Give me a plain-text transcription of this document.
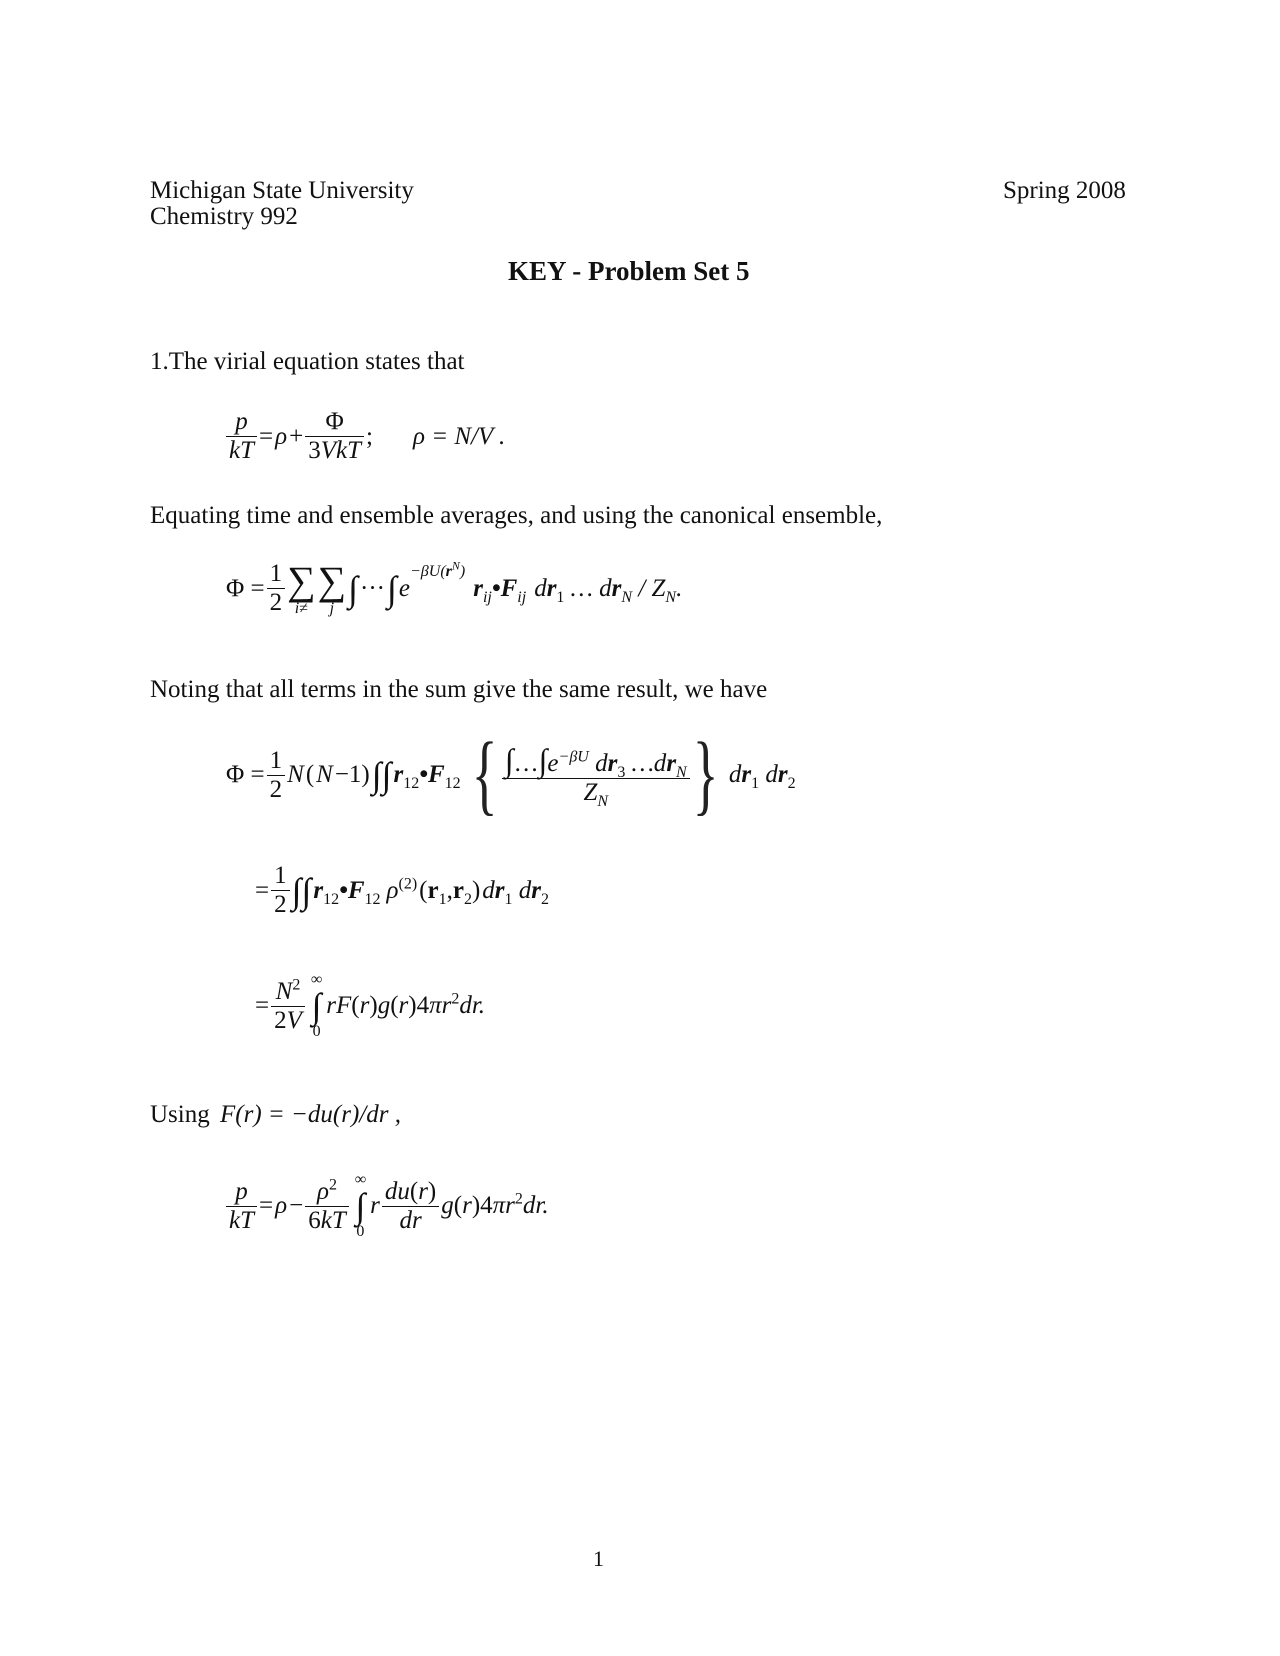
Michigan State University
Chemistry 992
Spring 2008
KEY - Problem Set 5
1.The virial equation states that
$\frac{p}{kT} = \rho + \frac{\Phi}{\text{3VkT}}$ ; ρ = N/V .
Equating time and ensemble averages, and using the canonical ensemble,
$\Phi = \frac{1}{2}$ ∑
i≠
∑
j ∫ ··· ∫ $e^{-\beta U(r^N)}$
$r_{ij}•F_{ij}$ $dr_1$ … $dr_N / Z_N$.
Noting that all terms in the sum give the same result, we have
$\Phi = \frac{1}{2}$ N ( N −1) ∫∫ $r_{12}•F_{12}$ { $\frac{\int\dots\int e^{-\beta U} dr_3 \dots dr_N}{Z_N}$ } $dr_1$ $dr_2$
= $\frac{1}{2}$ ∫∫ $r_{12}•F_{12}$ $\rho^{(2)}$ $(r_1,r_2)$ $dr_1$ $dr_2$
= $\frac{N^2}{2V}$ ∞
∫
0
$rF(r)g(r)4\pi r^2dr$.
Using F(r) = −du(r)/dr ,
$\frac{p}{kT} = \rho - \frac{\rho^2}{6kT}$ ∞
∫
0
r $\frac{du(r)}{dr} g(r)4\pi r^2dr$.
1
